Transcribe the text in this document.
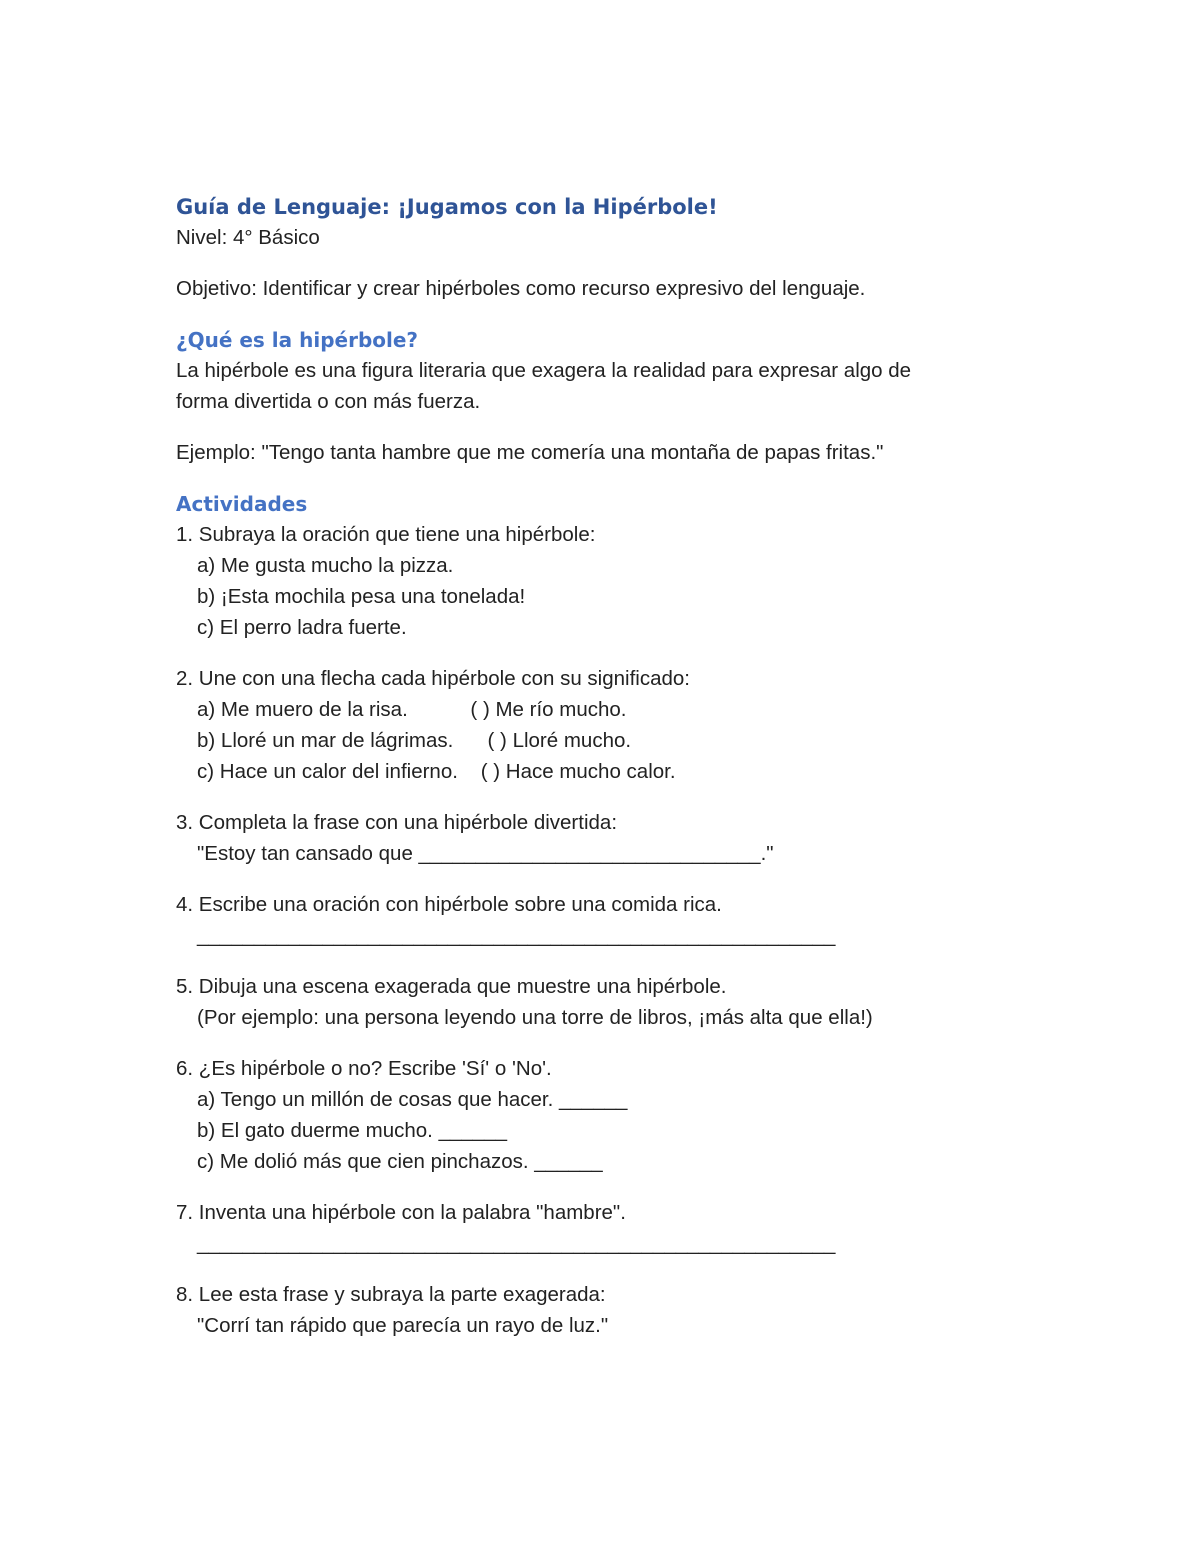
Guía de Lenguaje: ¡Jugamos con la Hipérbole!

Nivel: 4° Básico

Objetivo: Identificar y crear hipérboles como recurso expresivo del lenguaje.

¿Qué es la hipérbole?

La hipérbole es una figura literaria que exagera la realidad para expresar algo de

forma divertida o con más fuerza.

Ejemplo: "Tengo tanta hambre que me comería una montaña de papas fritas."

Actividades

1. Subraya la oración que tiene una hipérbole:

a) Me gusta mucho la pizza.

b) ¡Esta mochila pesa una tonelada!

c) El perro ladra fuerte.

2. Une con una flecha cada hipérbole con su significado:

a) Me muero de la risa.           ( ) Me río mucho.

b) Lloré un mar de lágrimas.      ( ) Lloré mucho.

c) Hace un calor del infierno.    ( ) Hace mucho calor.

3. Completa la frase con una hipérbole divertida:

"Estoy tan cansado que ______________________________."

4. Escribe una oración con hipérbole sobre una comida rica.

________________________________________________________

5. Dibuja una escena exagerada que muestre una hipérbole.

(Por ejemplo: una persona leyendo una torre de libros, ¡más alta que ella!)

6. ¿Es hipérbole o no? Escribe 'Sí' o 'No'.

a) Tengo un millón de cosas que hacer. ______

b) El gato duerme mucho. ______

c) Me dolió más que cien pinchazos. ______

7. Inventa una hipérbole con la palabra "hambre".

________________________________________________________

8. Lee esta frase y subraya la parte exagerada:

"Corrí tan rápido que parecía un rayo de luz."
